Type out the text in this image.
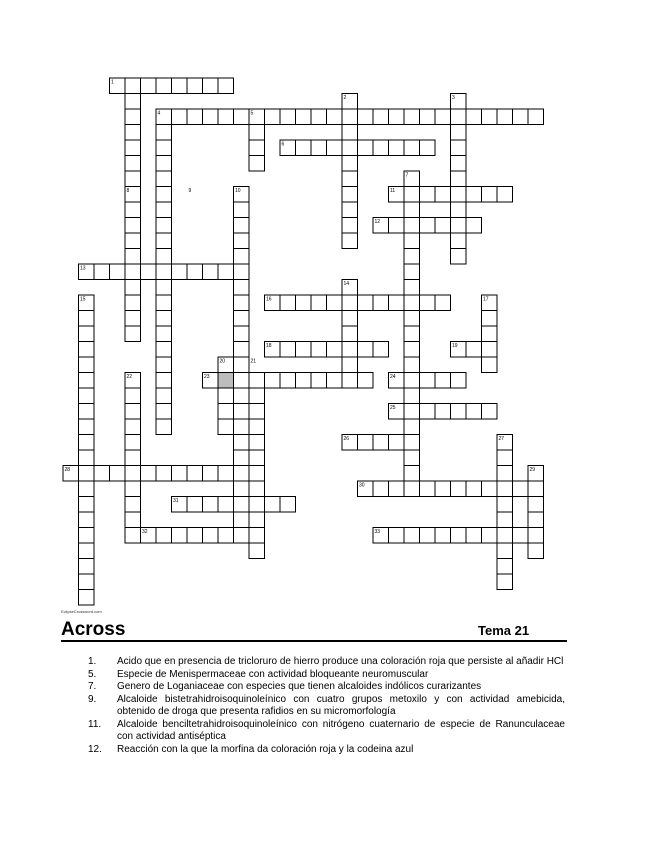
1
2	3
4	5
6
7
8	9	10	11
12
13
14
15	16	17
18	19
20	21
22	23	24
25
26	27
28	29
30
31
32	33
EclipseCrossword.com
Across	Tema 21
1. Acido que en presencia de tricloruro de hierro produce una coloración roja que persiste al añadir HCl
5. Especie de Menispermaceae con actividad bloqueante neuromuscular
7. Genero de Loganiaceae con especies que tienen alcaloides indólicos curarizantes
9. Alcaloide bistetrahidroisoquinoleínico con cuatro grupos metoxilo y con actividad amebicida, obtenido de droga que presenta rafidios en su micromorfología
11. Alcaloide benciltetrahidroisoquinoleínico con nitrógeno cuaternario de especie de Ranunculaceae con actividad antiséptica
12. Reacción con la que la morfina da coloración roja y la codeina azul
